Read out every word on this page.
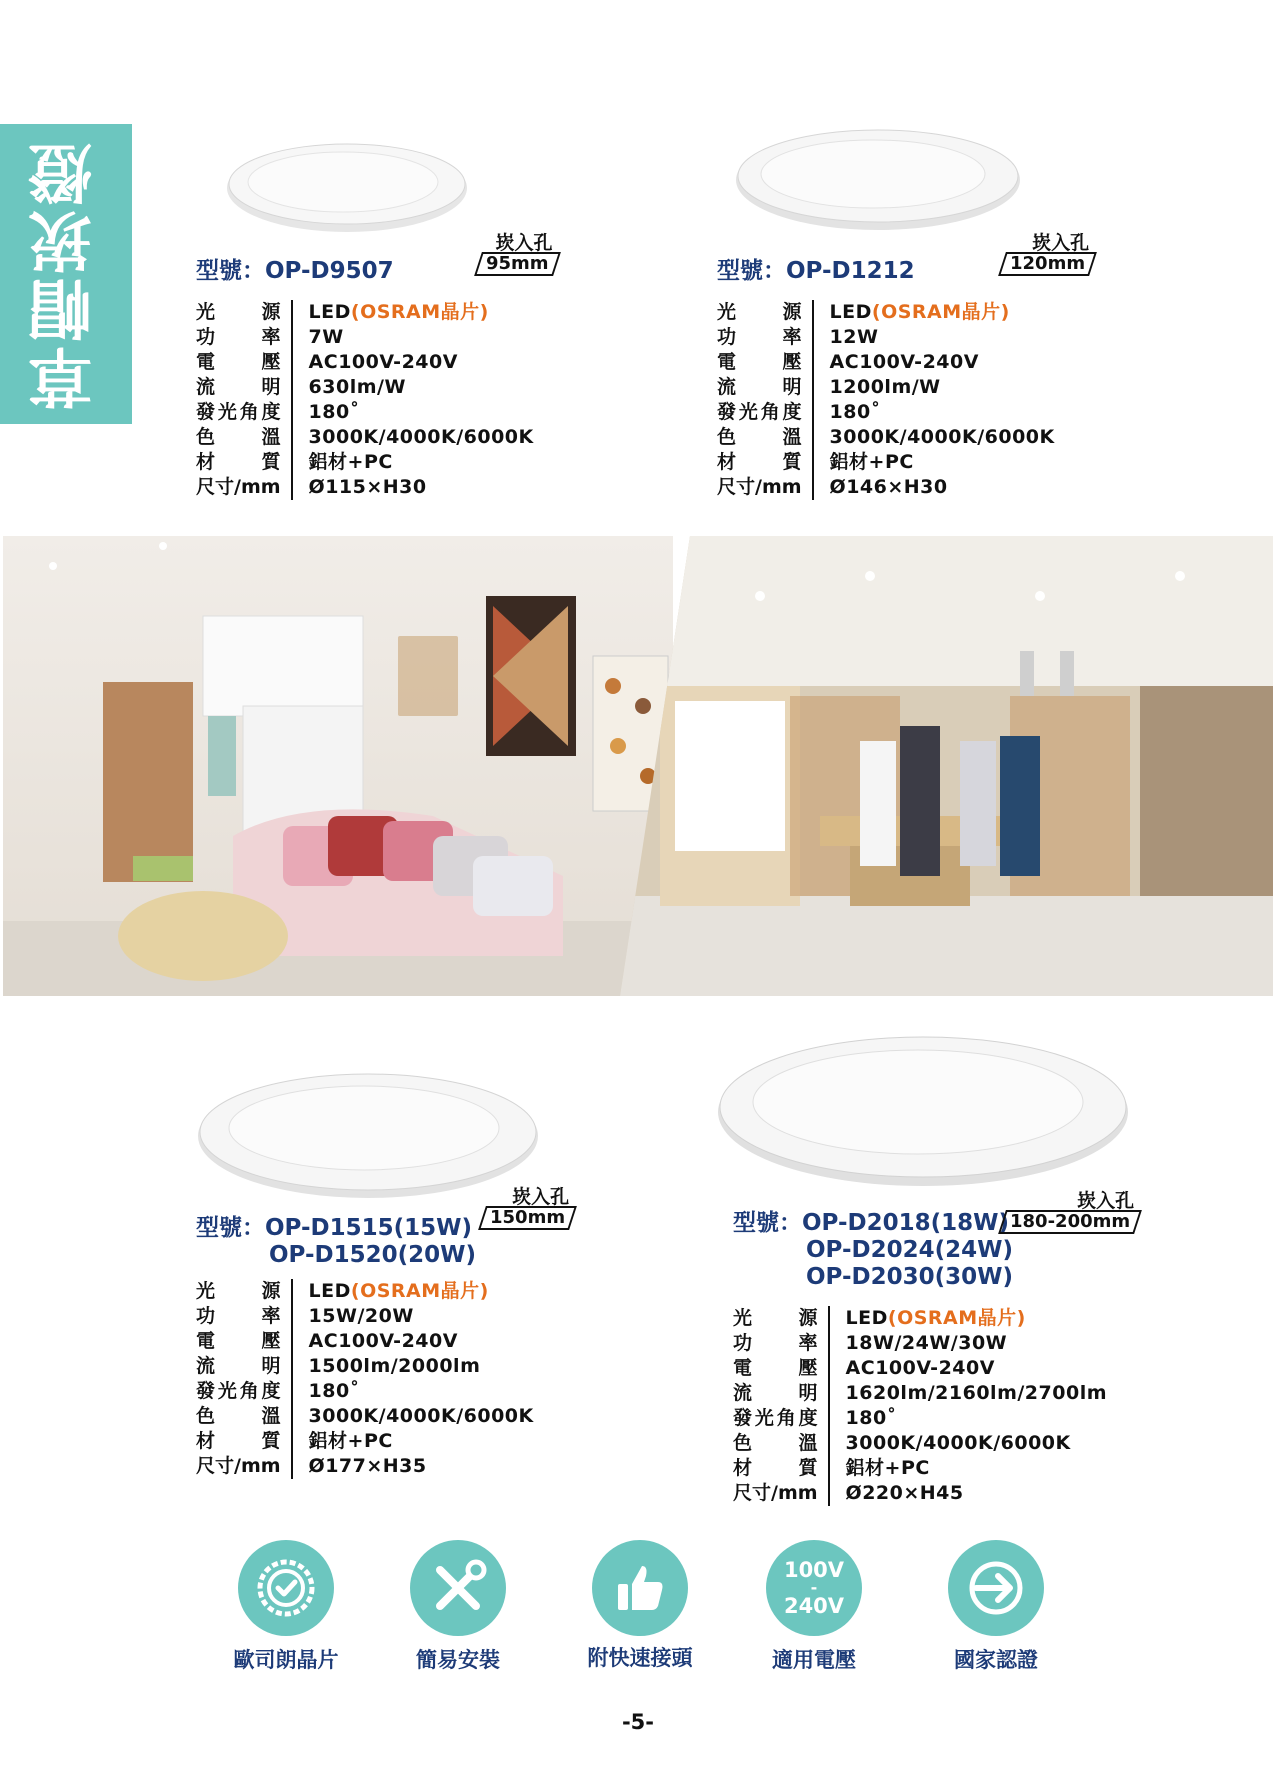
草帽崁燈	型號：OP-D9507
崁入孔
95mm
光源	LED(OSRAM晶片)
功率	7W
電壓	AC100V-240V
流明	630lm/W
發光角度	180˚
色溫	3000K/4000K/6000K
材質	鋁材+PC
尺寸/mm	Ø115×H30
型號：OP-D1212
崁入孔
120mm
光源	LED(OSRAM晶片)
功率	12W
電壓	AC100V-240V
流明	1200lm/W
發光角度	180˚
色溫	3000K/4000K/6000K
材質	鋁材+PC
尺寸/mm	Ø146×H30
型號：OP-D1515(15W)
OP-D1520(20W)
崁入孔
150mm
光源	LED(OSRAM晶片)
功率	15W/20W
電壓	AC100V-240V
流明	1500lm/2000lm
發光角度	180˚
色溫	3000K/4000K/6000K
材質	鋁材+PC
尺寸/mm	Ø177×H35
型號：OP-D2018(18W)
OP-D2024(24W)
OP-D2030(30W)
崁入孔
180-200mm
光源	LED(OSRAM晶片)
功率	18W/24W/30W
電壓	AC100V-240V
流明	1620lm/2160lm/2700lm
發光角度	180˚
色溫	3000K/4000K/6000K
材質	鋁材+PC
尺寸/mm	Ø220×H45
100V
-
240V
歐司朗晶片	簡易安裝	附快速接頭	適用電壓	國家認證
-5-
